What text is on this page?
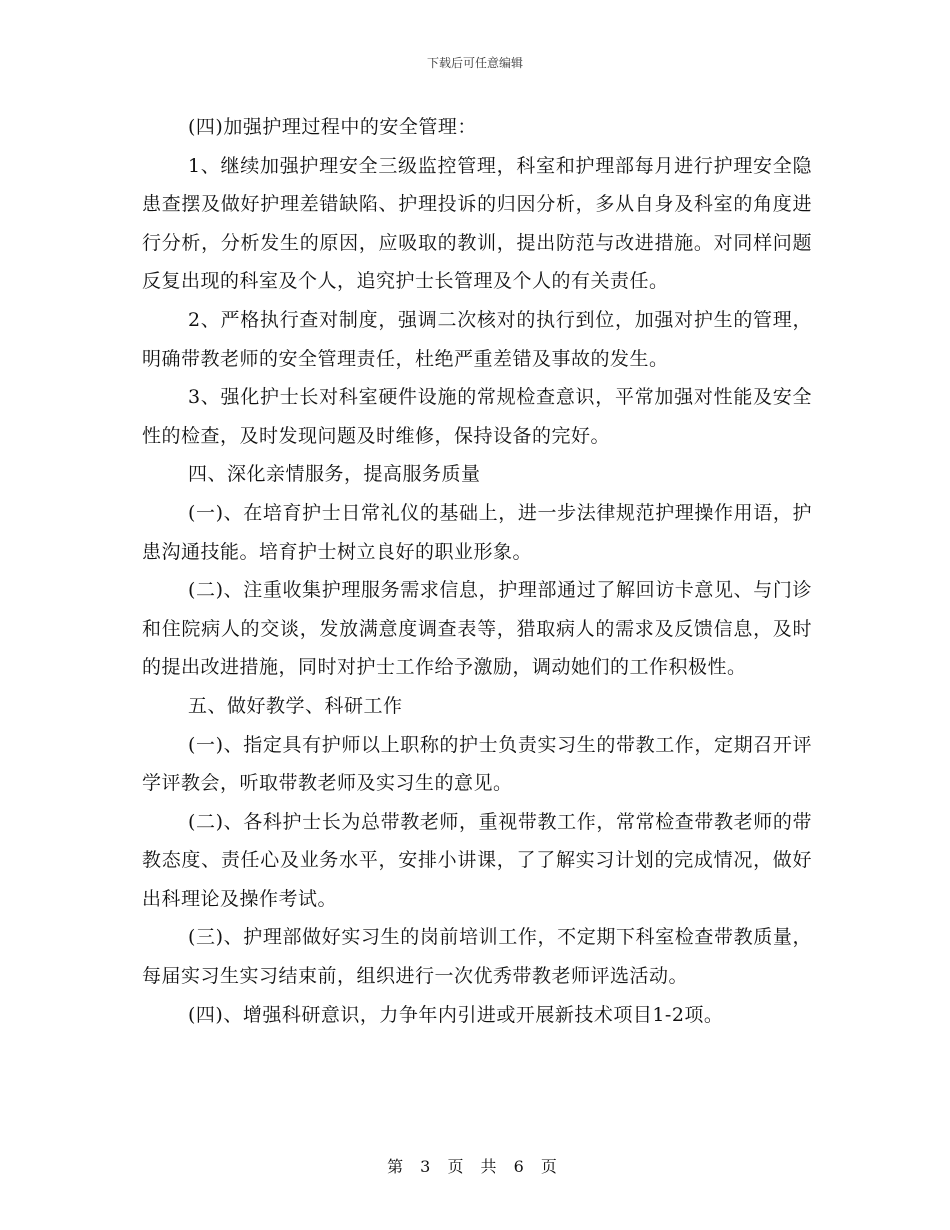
下载后可任意编辑

(四)加强护理过程中的安全管理：

1、继续加强护理安全三级监控管理，科室和护理部每月进行护理安全隐患查摆及做好护理差错缺陷、护理投诉的归因分析，多从自身及科室的角度进行分析，分析发生的原因，应吸取的教训，提出防范与改进措施。对同样问题反复出现的科室及个人，追究护士长管理及个人的有关责任。

2、严格执行查对制度，强调二次核对的执行到位，加强对护生的管理，明确带教老师的安全管理责任，杜绝严重差错及事故的发生。

3、强化护士长对科室硬件设施的常规检查意识，平常加强对性能及安全性的检查，及时发现问题及时维修，保持设备的完好。

四、深化亲情服务，提高服务质量

(一)、在培育护士日常礼仪的基础上，进一步法律规范护理操作用语，护患沟通技能。培育护士树立良好的职业形象。

(二)、注重收集护理服务需求信息，护理部通过了解回访卡意见、与门诊和住院病人的交谈，发放满意度调查表等，猎取病人的需求及反馈信息，及时的提出改进措施，同时对护士工作给予激励，调动她们的工作积极性。

五、做好教学、科研工作

(一)、指定具有护师以上职称的护士负责实习生的带教工作，定期召开评学评教会，听取带教老师及实习生的意见。

(二)、各科护士长为总带教老师，重视带教工作，常常检查带教老师的带教态度、责任心及业务水平，安排小讲课，了了解实习计划的完成情况，做好出科理论及操作考试。

(三)、护理部做好实习生的岗前培训工作，不定期下科室检查带教质量，每届实习生实习结束前，组织进行一次优秀带教老师评选活动。

(四)、增强科研意识，力争年内引进或开展新技术项目1-2项。

第 3 页 共 6 页
